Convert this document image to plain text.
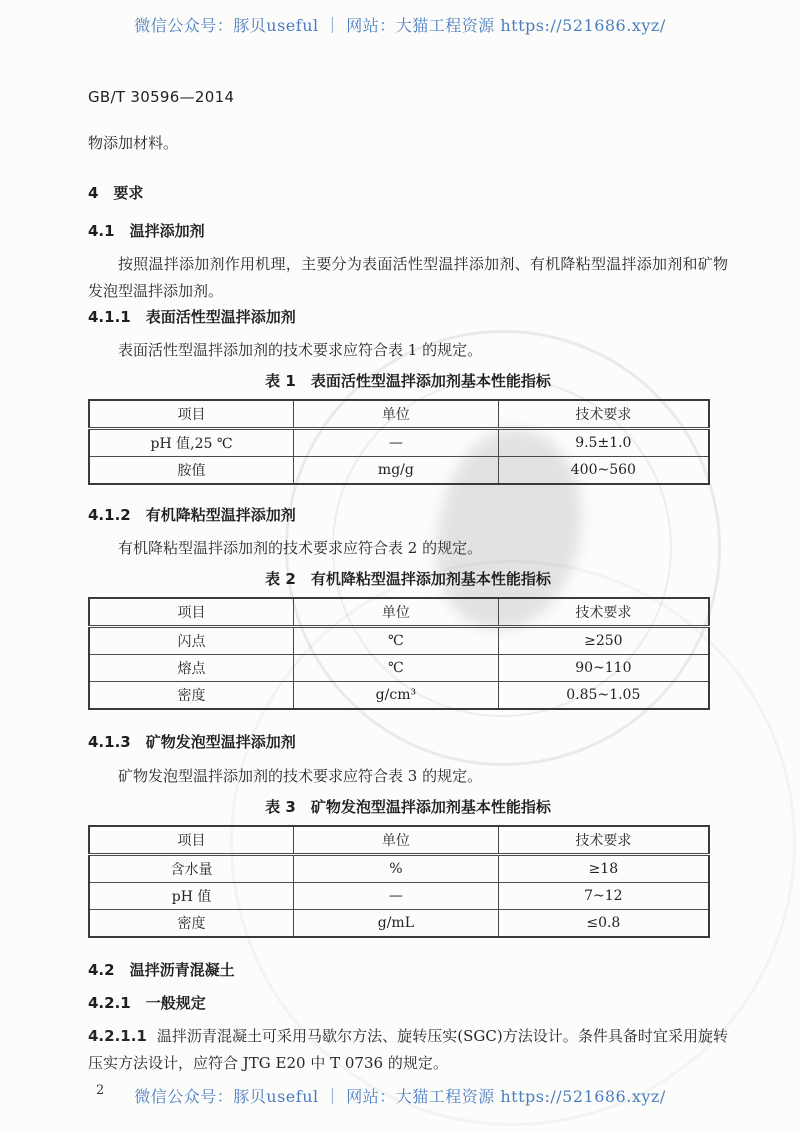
微信公众号：豚贝useful ｜ 网站：大猫工程资源 https://521686.xyz/
GB/T 30596—2014

物添加材料。

4　要求
4.1　温拌添加剂

按照温拌添加剂作用机理，主要分为表面活性型温拌添加剂、有机降粘型温拌添加剂和矿物发泡型温拌添加剂。

4.1.1　表面活性型温拌添加剂

表面活性型温拌添加剂的技术要求应符合表 1 的规定。

表 1　表面活性型温拌添加剂基本性能指标
项目	单位	技术要求
pH 值,25 ℃	—	9.5±1.0
胺值	mg/g	400~560
4.1.2　有机降粘型温拌添加剂

有机降粘型温拌添加剂的技术要求应符合表 2 的规定。

表 2　有机降粘型温拌添加剂基本性能指标
项目	单位	技术要求
闪点	℃	≥250
熔点	℃	90~110
密度	g/cm³	0.85~1.05
4.1.3　矿物发泡型温拌添加剂

矿物发泡型温拌添加剂的技术要求应符合表 3 的规定。

表 3　矿物发泡型温拌添加剂基本性能指标
项目	单位	技术要求
含水量	%	≥18
pH 值	—	7~12
密度	g/mL	≤0.8
4.2　温拌沥青混凝土
4.2.1　一般规定

4.2.1.1 温拌沥青混凝土可采用马歇尔方法、旋转压实(SGC)方法设计。条件具备时宜采用旋转压实方法设计，应符合 JTG E20 中 T 0736 的规定。

2	微信公众号：豚贝useful ｜ 网站：大猫工程资源 https://521686.xyz/
